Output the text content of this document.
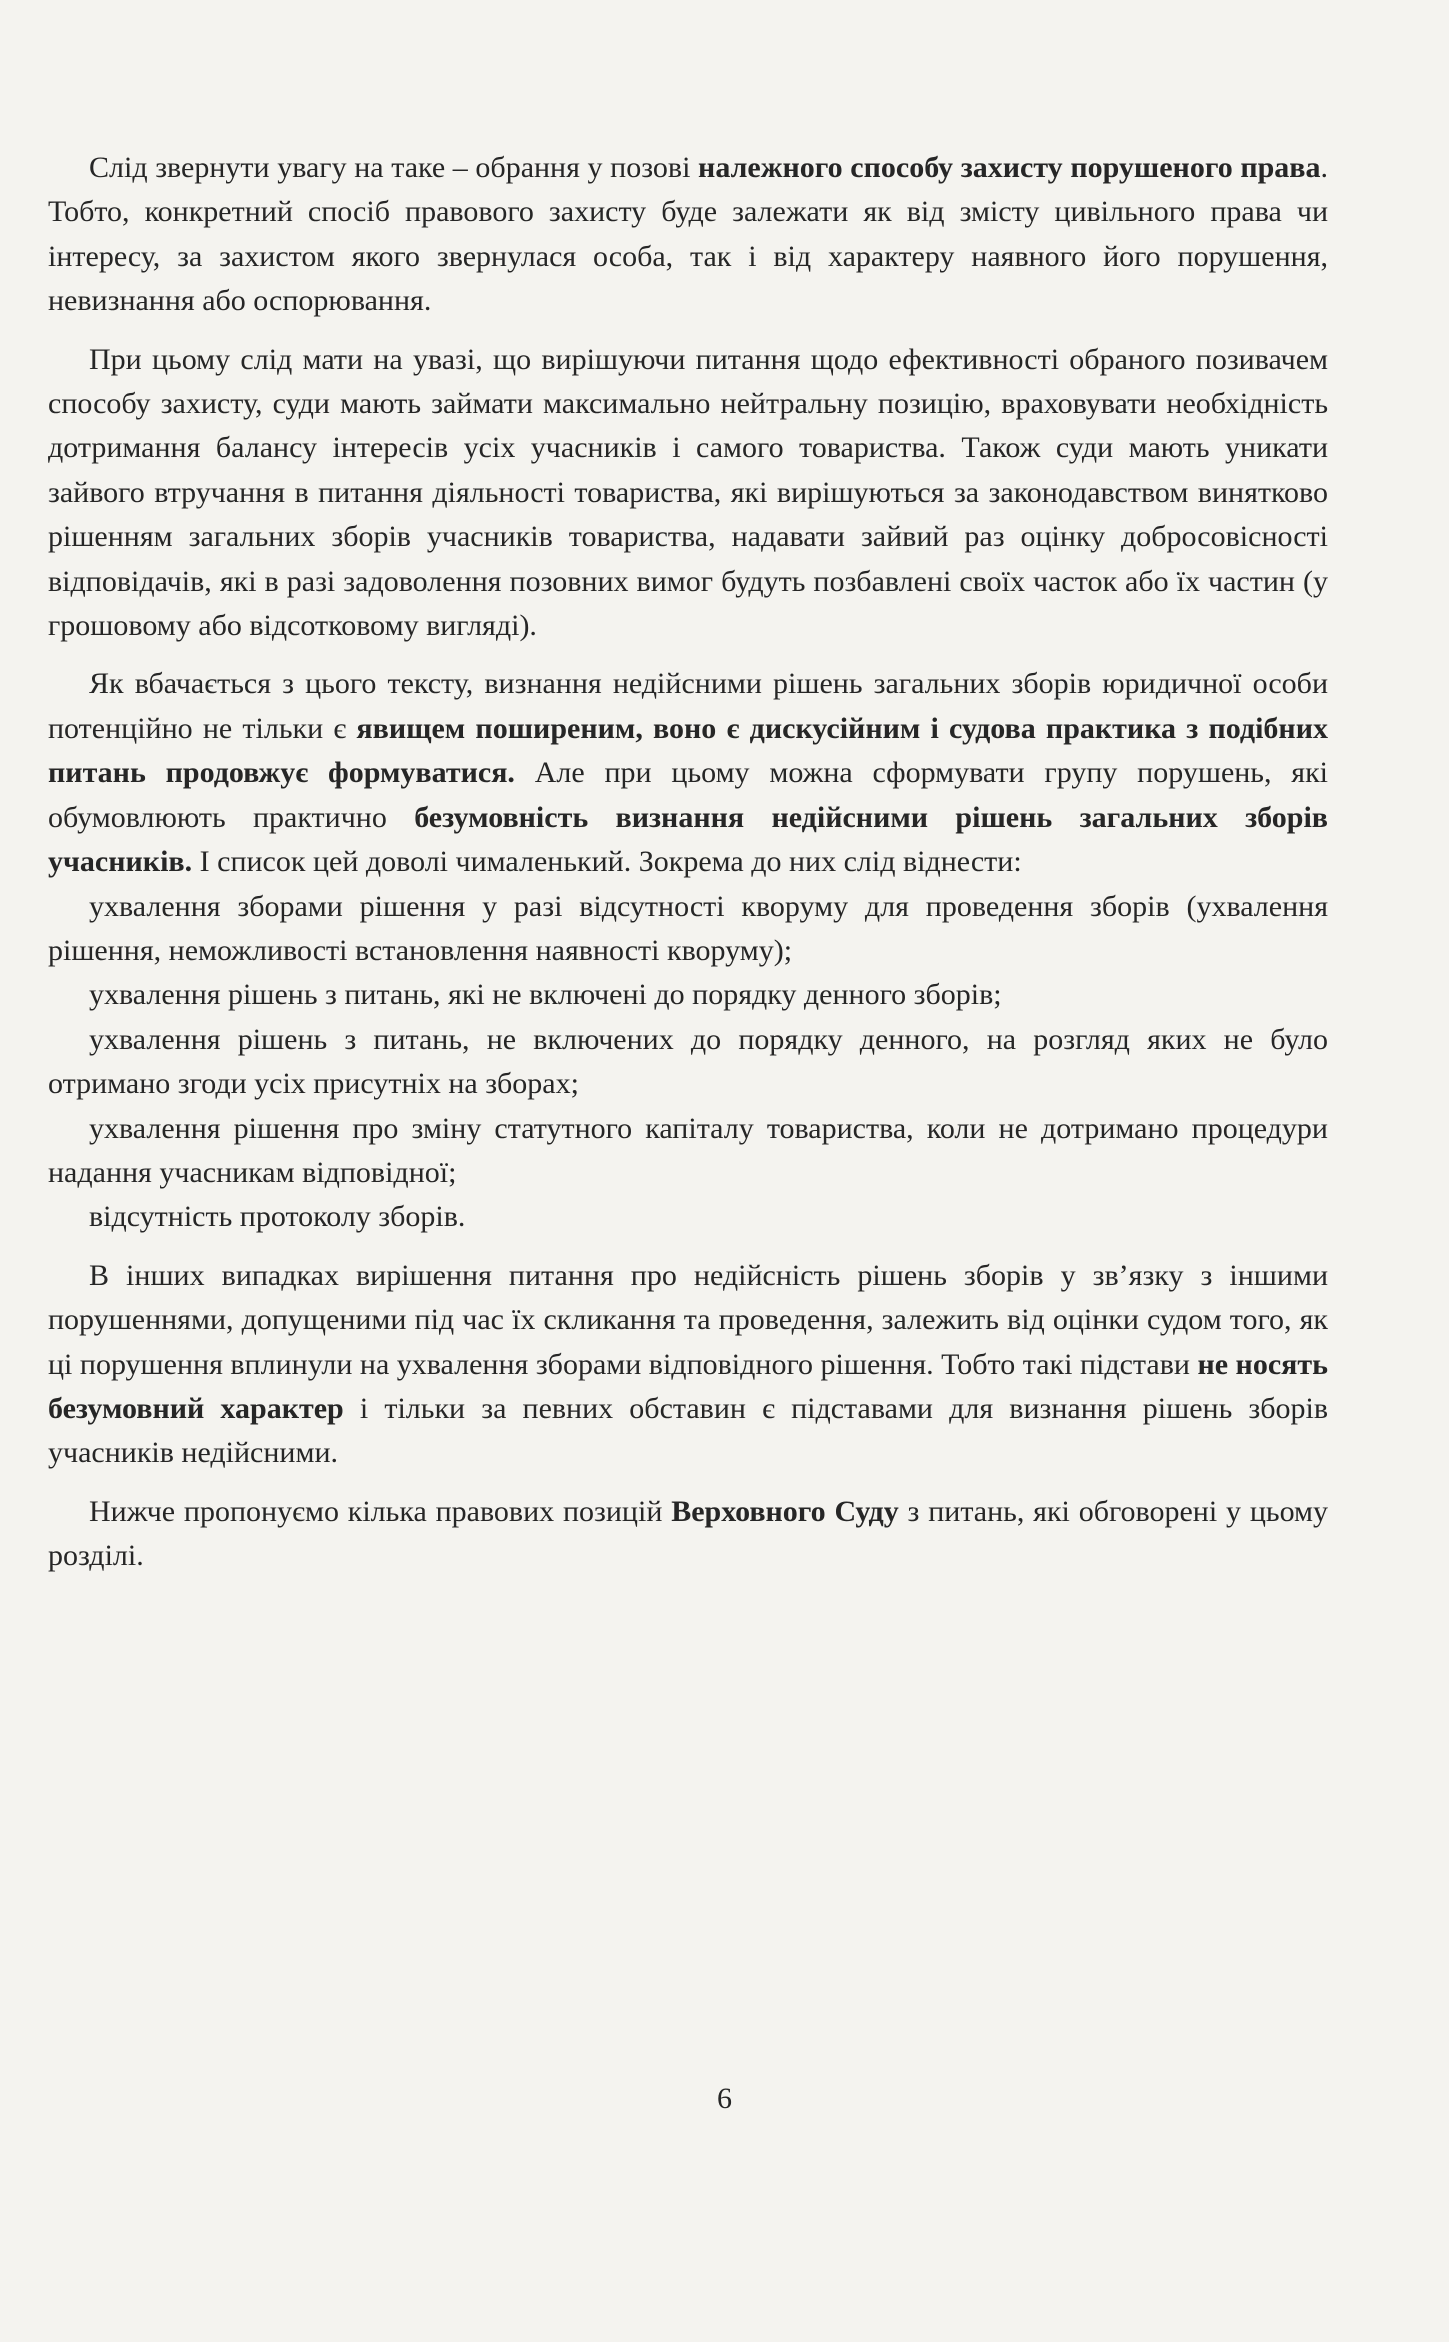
Слід звернути увагу на таке – обрання у позові належного способу захисту порушеного права. Тобто, конкретний спосіб правового захисту буде залежати як від змісту цивільного права чи інтересу, за захистом якого звернулася особа, так і від характеру наявного його порушення, невизнання або оспорювання.

При цьому слід мати на увазі, що вирішуючи питання щодо ефективності обраного позивачем способу захисту, суди мають займати максимально нейтральну позицію, враховувати необхідність дотримання балансу інтересів усіх учасників і самого товариства. Також суди мають уникати зайвого втручання в питання діяльності товариства, які вирішуються за законодавством винятково рішенням загальних зборів учасників товариства, надавати зайвий раз оцінку добросовісності відповідачів, які в разі задоволення позовних вимог будуть позбавлені своїх часток або їх частин (у грошовому або відсотковому вигляді).

Як вбачається з цього тексту, визнання недійсними рішень загальних зборів юридичної особи потенційно не тільки є явищем поширеним, воно є дискусійним і судова практика з подібних питань продовжує формуватися. Але при цьому можна сформувати групу порушень, які обумовлюють практично безумовність визнання недійсними рішень загальних зборів учасників. І список цей доволі чималенький. Зокрема до них слід віднести:

ухвалення зборами рішення у разі відсутності кворуму для проведення зборів (ухвалення рішення, неможливості встановлення наявності кворуму);

ухвалення рішень з питань, які не включені до порядку денного зборів;

ухвалення рішень з питань, не включених до порядку денного, на розгляд яких не було отримано згоди усіх присутніх на зборах;

ухвалення рішення про зміну статутного капіталу товариства, коли не дотримано процедури надання учасникам відповідної;

відсутність протоколу зборів.

В інших випадках вирішення питання про недійсність рішень зборів у зв’язку з іншими порушеннями, допущеними під час їх скликання та проведення, залежить від оцінки судом того, як ці порушення вплинули на ухвалення зборами відповідного рішення. Тобто такі підстави не носять безумовний характер і тільки за певних обставин є підставами для визнання рішень зборів учасників недійсними.

Нижче пропонуємо кілька правових позицій Верховного Суду з питань, які обговорені у цьому розділі.

6
